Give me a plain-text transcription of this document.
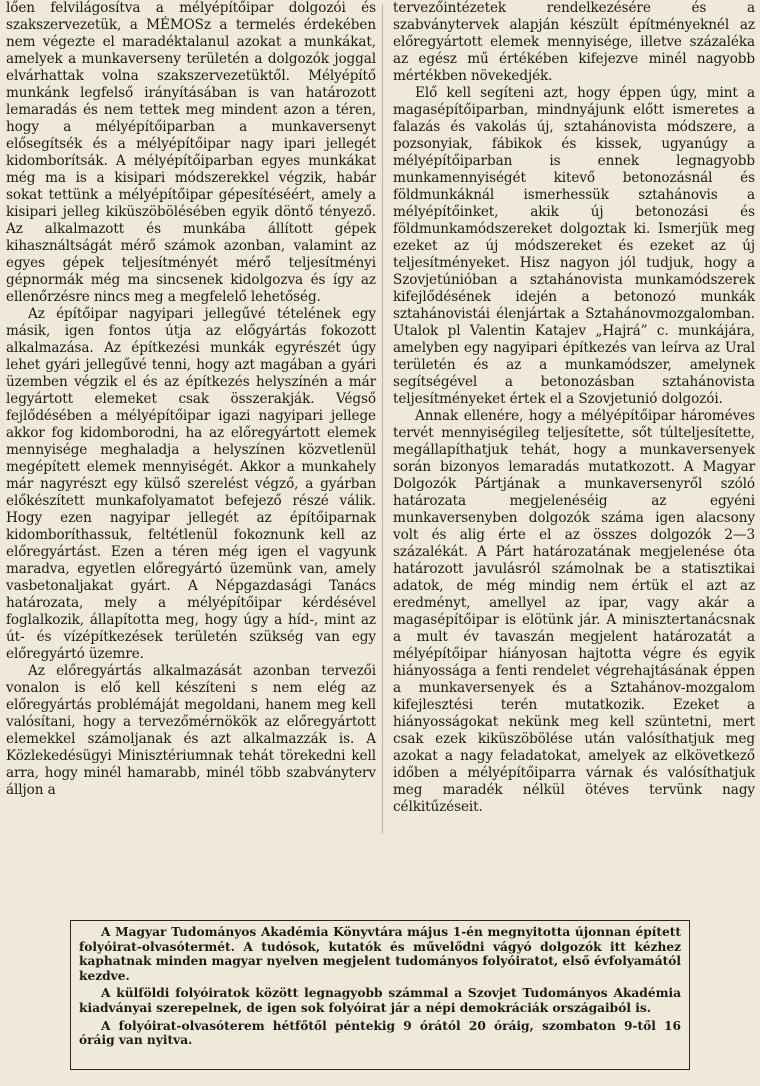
lően felvilágosítva a mélyépítőipar dolgozói és szakszervezetük, a MÉMOSz a termelés érdekében nem végezte el maradéktalanul azokat a munkákat, amelyek a munkaverseny területén a dolgozók joggal elvárhattak volna szakszervezetüktől. Mélyépítő munkánk legfelső irányításában is van határozott lemaradás és nem tettek meg mindent azon a téren, hogy a mélyépítőiparban a munkaversenyt elősegítsék és a mélyépítőipar nagy ipari jellegét kidomborítsák. A mélyépítőiparban egyes munkákat még ma is a kisipari módszerekkel végzik, habár sokat tettünk a mélyépítőipar gépesítéséért, amely a kisipari jelleg kiküszöbölésében egyik döntő tényező. Az alkalmazott és munkába állított gépek kihasználtságát mérő számok azonban, valamint az egyes gépek teljesítményét mérő teljesítményi gépnormák még ma sincsenek kidolgozva és így az ellenőrzésre nincs meg a megfelelő lehetőség.

Az építőipar nagyipari jellegűvé tételének egy másik, igen fontos útja az előgyártás fokozott alkalmazása. Az építkezési munkák egyrészét úgy lehet gyári jellegűvé tenni, hogy azt magában a gyári üzemben végzik el és az építkezés helyszínén a már legyártott elemeket csak összerakják. Végső fejlődésében a mélyépítőipar igazi nagyipari jellege akkor fog kidomborodni, ha az előregyártott elemek mennyisége meghaladja a helyszínen közvetlenül megépített elemek mennyiségét. Akkor a munkahely már nagyrészt egy külső szerelést végző, a gyárban előkészített munkafolyamatot befejező részé válik. Hogy ezen nagyipar jellegét az építőiparnak kidomboríthassuk, feltétlenül fokoznunk kell az előregyártást. Ezen a téren még igen el vagyunk maradva, egyetlen előregyártó üzemünk van, amely vasbetonaljakat gyárt. A Népgazdasági Tanács határozata, mely a mélyépítőipar kérdésével foglalkozik, állapította meg, hogy úgy a híd-, mint az út- és vízépítkezések területén szükség van egy előregyártó üzemre.

Az előregyártás alkalmazását azonban tervezői vonalon is elő kell készíteni s nem elég az előregyártás problémáját megoldani, hanem meg kell valósítani, hogy a tervezőmérnökök az előregyártott elemekkel számoljanak és azt alkalmazzák is. A Közlekedésügyi Minisztériumnak tehát törekedni kell arra, hogy minél hamarabb, minél több szabványterv álljon a

tervezőintézetek rendelkezésére és a szabványtervek alapján készült építményeknél az előregyártott elemek mennyisége, illetve százaléka az egész mű értékében kifejezve minél nagyobb mértékben növekedjék.

Elő kell segíteni azt, hogy éppen úgy, mint a magasépítőiparban, mindnyájunk előtt ismeretes a falazás és vakolás új, sztahánovista módszere, a pozsonyiak, fábikok és kissek, ugyanúgy a mélyépítőiparban is ennek legnagyobb munkamennyiségét kitevő betonozásnál és földmunkáknál ismerhessük sztahánovis a mélyépítőinket, akik új betonozási és földmunkamódszereket dolgoztak ki. Ismerjük meg ezeket az új módszereket és ezeket az új teljesítményeket. Hisz nagyon jól tudjuk, hogy a Szovjetúnióban a sztahánovista munkamódszerek kifejlődésének idején a betonozó munkák sztahánovistái élenjártak a Sztahánovmozgalomban. Utalok pl Valentin Katajev „Hajrá” c. munkájára, amelyben egy nagyipari építkezés van leírva az Ural területén és az a munkamódszer, amelynek segítségével a betonozásban sztahánovista teljesítményeket értek el a Szovjetunió dolgozói.

Annak ellenére, hogy a mélyépítőipar hároméves tervét mennyiségileg teljesítette, sőt túlteljesítette, megállapíthatjuk tehát, hogy a munkaversenyek során bizonyos lemaradás mutatkozott. A Magyar Dolgozók Pártjának a munkaversenyről szóló határozata megjelenéséig az egyéni munkaversenyben dolgozók száma igen alacsony volt és alig érte el az összes dolgozók 2—3 százalékát. A Párt határozatának megjelenése óta határozott javulásról számolnak be a statisztikai adatok, de még mindig nem értük el azt az eredményt, amellyel az ipar, vagy akár a magasépítőipar is elötünk jár. A minisztertanácsnak a mult év tavaszán megjelent határozatát a mélyépítőipar hiányosan hajtotta végre és egyik hiányossága a fenti rendelet végrehajtásának éppen a munkaversenyek és a Sztahánov-mozgalom kifejlesztési terén mutatkozik. Ezeket a hiányosságokat nekünk meg kell szüntetni, mert csak ezek kiküszöbölése után valósíthatjuk meg azokat a nagy feladatokat, amelyek az elkövetkező időben a mélyépítőiparra várnak és valósíthatjuk meg maradék nélkül ötéves tervünk nagy célkitűzéseit.

A Magyar Tudományos Akadémia Könyvtára május 1-én megnyitotta újonnan épített folyóirat-olvasótermét. A tudósok, kutatók és művelődni vágyó dolgozók itt kézhez kaphatnak minden magyar nyelven megjelent tudományos folyóiratot, első évfolyamától kezdve.

A külföldi folyóiratok között legnagyobb számmal a Szovjet Tudományos Akadémia kiadványai szerepelnek, de igen sok folyóirat jár a népi demokráciák országaiból is.

A folyóirat-olvasóterem hétfőtől péntekig 9 órától 20 óráig, szombaton 9-től 16 óráig van nyitva.
